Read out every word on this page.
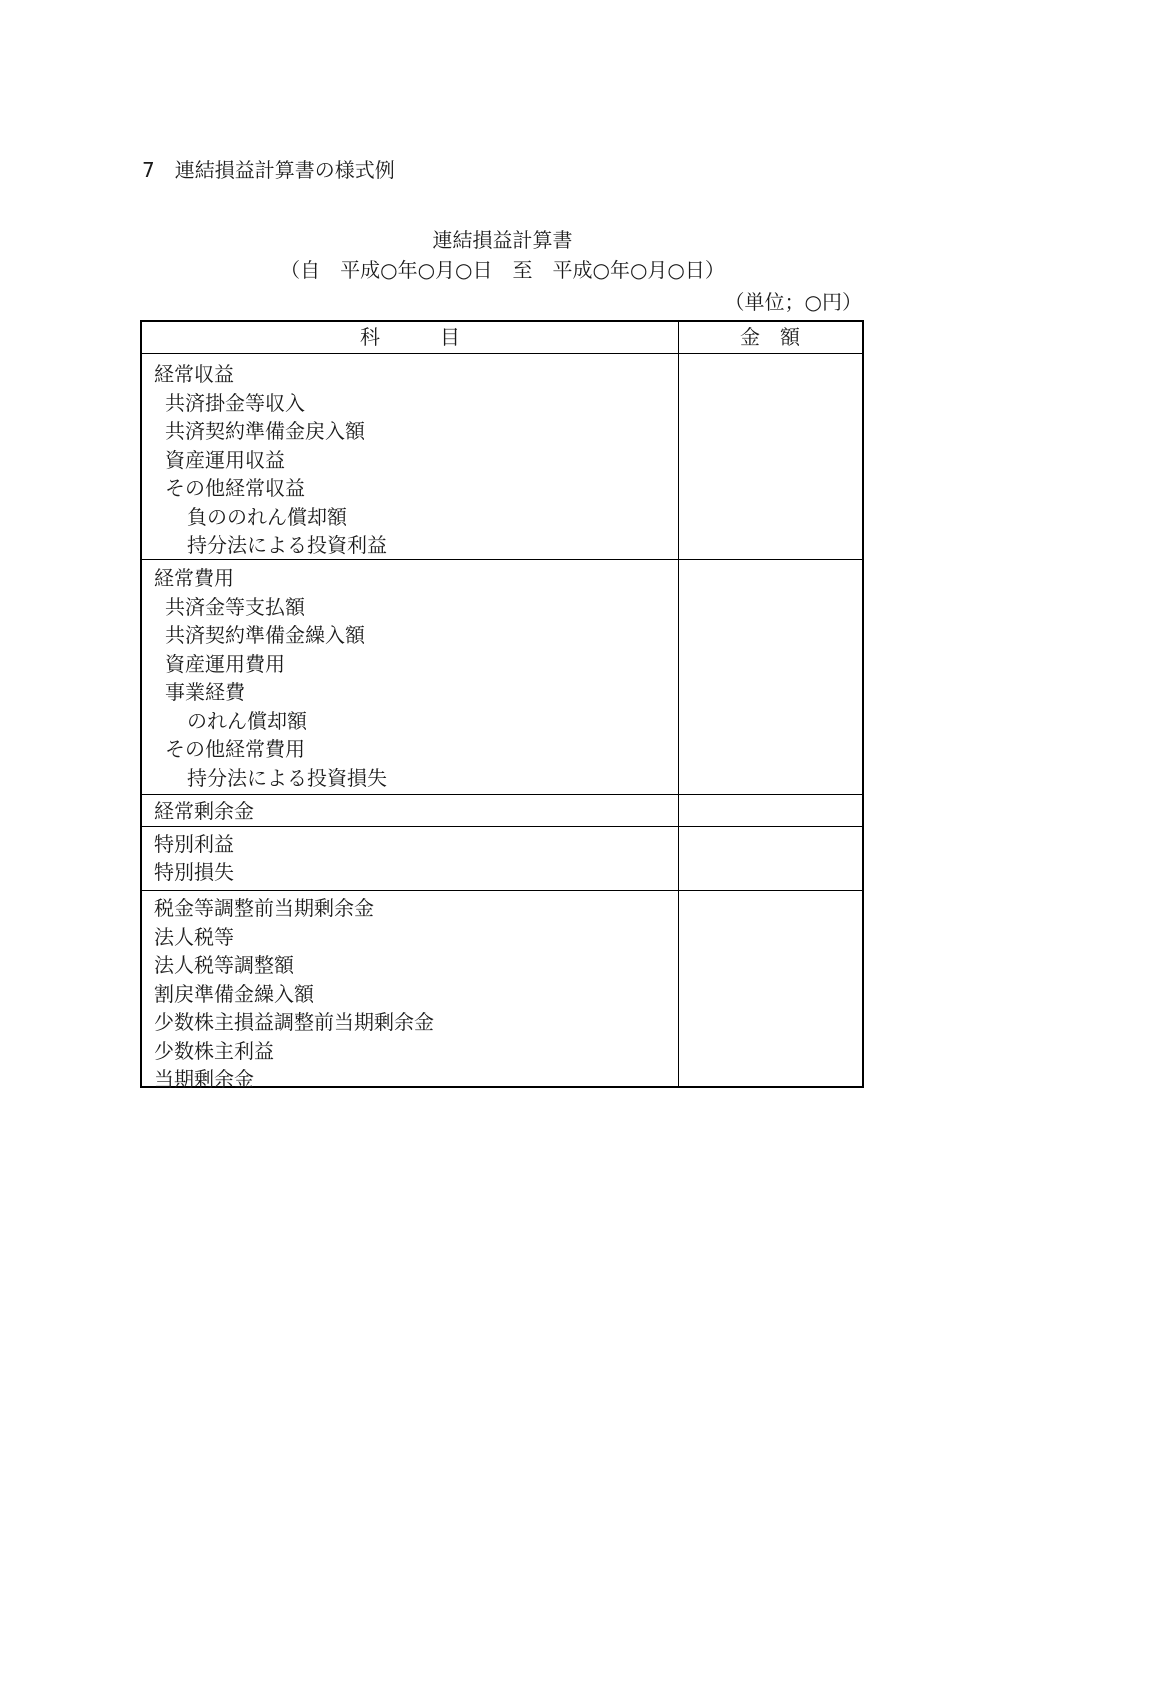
7　連結損益計算書の様式例
連結損益計算書
（自　平成○年○月○日　至　平成○年○月○日）
（単位；○円）
科　　　目	金　額
経常収益
共済掛金等収入
共済契約準備金戻入額
資産運用収益
その他経常収益
負ののれん償却額
持分法による投資利益
経常費用
共済金等支払額
共済契約準備金繰入額
資産運用費用
事業経費
のれん償却額
その他経常費用
持分法による投資損失
経常剰余金
特別利益
特別損失
税金等調整前当期剰余金
法人税等
法人税等調整額
割戻準備金繰入額
少数株主損益調整前当期剰余金
少数株主利益
当期剰余金
